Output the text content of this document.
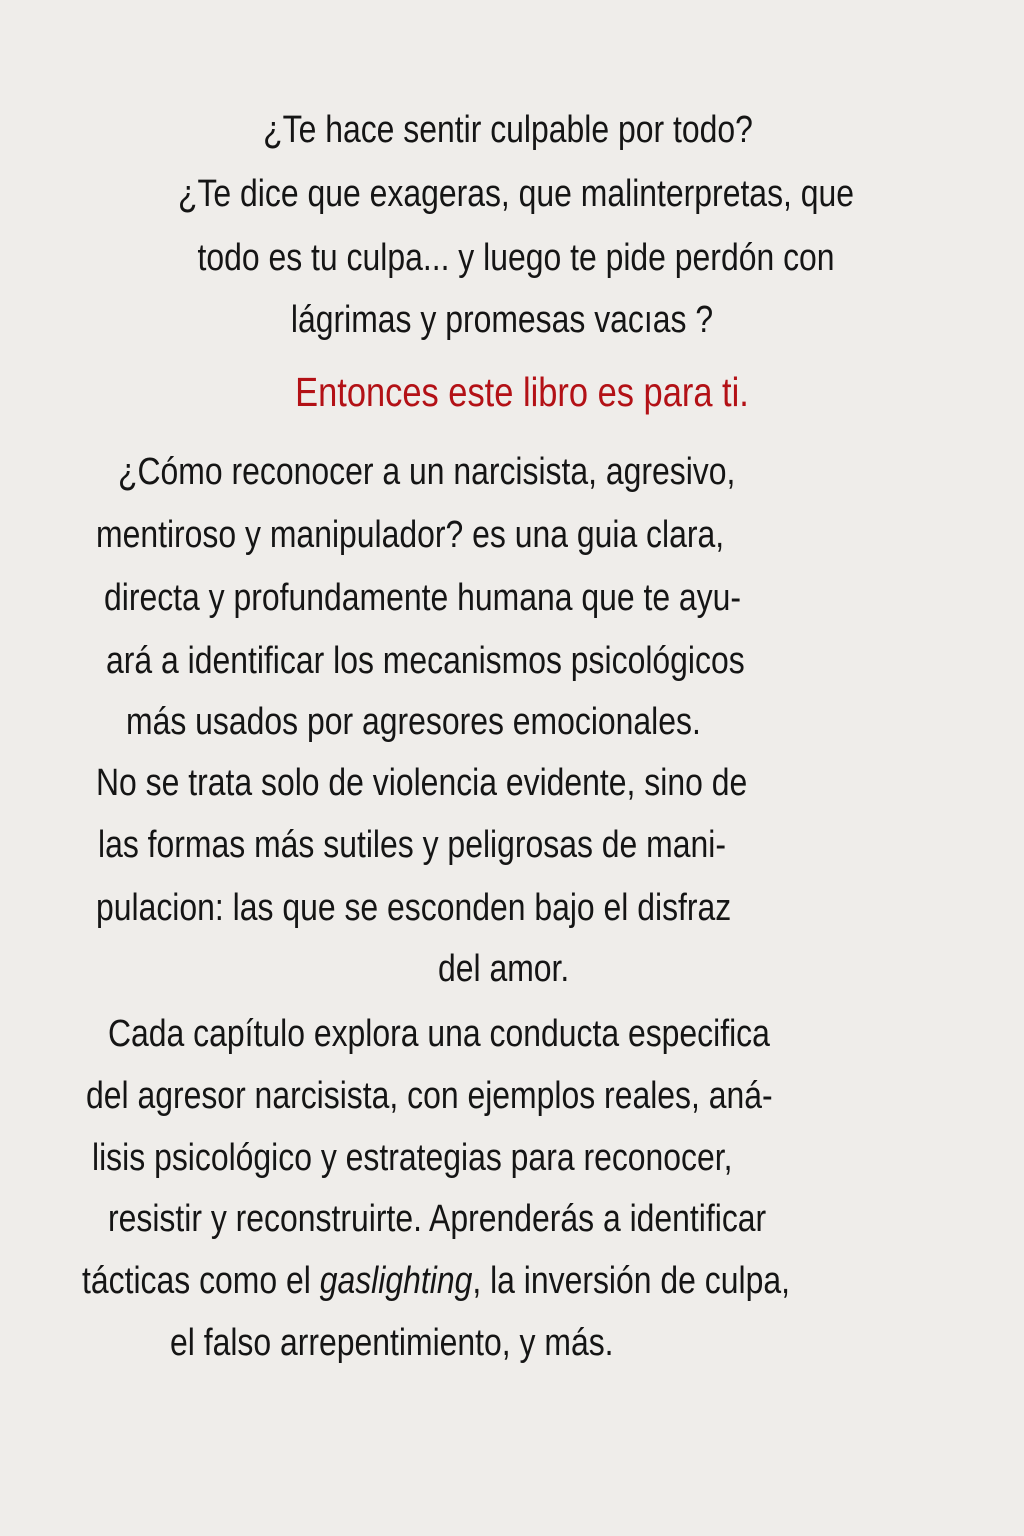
¿Te hace sentir culpable por todo?
¿Te dice que exageras, que malinterpretas, que
todo es tu culpa... y luego te pide perdón con
lágrimas y promesas vacıas ?
Entonces este libro es para ti.
¿Cómo reconocer a un narcisista, agresivo,
mentiroso y manipulador? es una guia clara,
directa y profundamente humana que te ayu-
ará a identificar los mecanismos psicológicos
más usados por agresores emocionales.
No se trata solo de violencia evidente, sino de
las formas más sutiles y peligrosas de mani-
pulacion: las que se esconden bajo el disfraz
del amor.
Cada capítulo explora una conducta especifica
del agresor narcisista, con ejemplos reales, aná-
lisis psicológico y estrategias para reconocer,
resistir y reconstruirte. Aprenderás a identificar
tácticas como el gaslighting, la inversión de culpa,
el falso arrepentimiento, y más.
